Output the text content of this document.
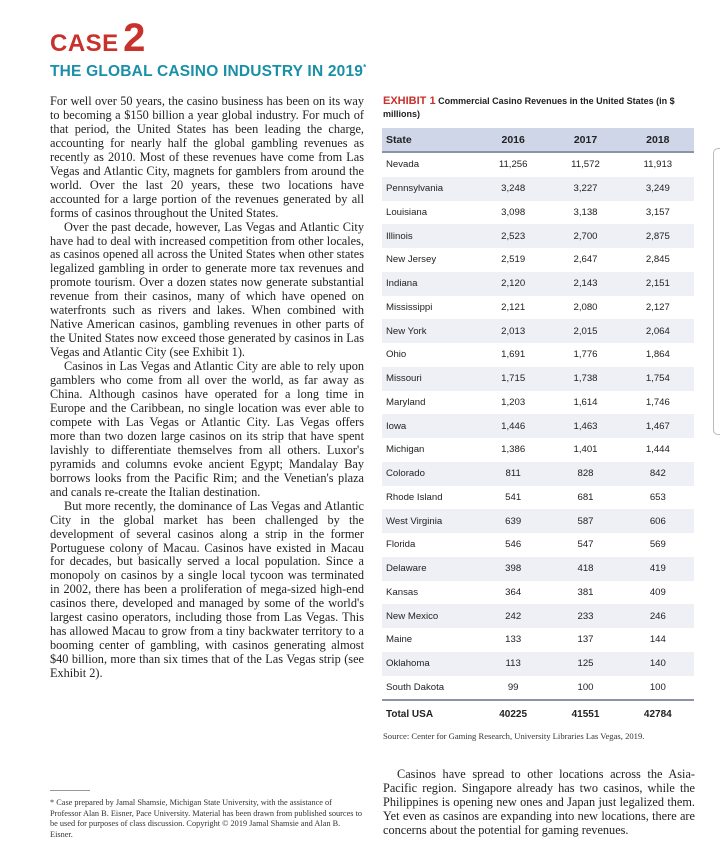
CASE 2
THE GLOBAL CASINO INDUSTRY IN 2019*

For well over 50 years, the casino business has been on its way to becoming a $150 billion a year global industry. For much of that period, the United States has been leading the charge, accounting for nearly half the global gambling revenues as recently as 2010. Most of these revenues have come from Las Vegas and Atlantic City, magnets for gamblers from around the world. Over the last 20 years, these two locations have accounted for a large portion of the revenues generated by all forms of casinos throughout the United States.

Over the past decade, however, Las Vegas and Atlantic City have had to deal with increased competition from other locales, as casinos opened all across the United States when other states legalized gambling in order to generate more tax revenues and promote tourism. Over a dozen states now generate substantial revenue from their casinos, many of which have opened on waterfronts such as rivers and lakes. When combined with Native American casinos, gambling revenues in other parts of the United States now exceed those generated by casinos in Las Vegas and Atlantic City (see Exhibit 1).

Casinos in Las Vegas and Atlantic City are able to rely upon gamblers who come from all over the world, as far away as China. Although casinos have operated for a long time in Europe and the Caribbean, no single location was ever able to compete with Las Vegas or Atlantic City. Las Vegas offers more than two dozen large casinos on its strip that have spent lavishly to differentiate themselves from all others. Luxor's pyramids and columns evoke ancient Egypt; Mandalay Bay borrows looks from the Pacific Rim; and the Venetian's plaza and canals re-create the Italian destination.

But more recently, the dominance of Las Vegas and Atlantic City in the global market has been challenged by the development of several casinos along a strip in the former Portuguese colony of Macau. Casinos have existed in Macau for decades, but basically served a local population. Since a monopoly on casinos by a single local tycoon was terminated in 2002, there has been a proliferation of mega-sized high-end casinos there, developed and managed by some of the world's largest casino operators, including those from Las Vegas. This has allowed Macau to grow from a tiny backwater territory to a booming center of gambling, with casinos generating almost $40 billion, more than six times that of the Las Vegas strip (see Exhibit 2).

* Case prepared by Jamal Shamsie, Michigan State University, with the assistance of Professor Alan B. Eisner, Pace University. Material has been drawn from published sources to be used for purposes of class discussion. Copyright © 2019 Jamal Shamsie and Alan B. Eisner.
EXHIBIT 1 Commercial Casino Revenues in the United States (in $ millions)
State	2016	2017	2018
Nevada	11,256	11,572	11,913
Pennsylvania	3,248	3,227	3,249
Louisiana	3,098	3,138	3,157
Illinois	2,523	2,700	2,875
New Jersey	2,519	2,647	2,845
Indiana	2,120	2,143	2,151
Mississippi	2,121	2,080	2,127
New York	2,013	2,015	2,064
Ohio	1,691	1,776	1,864
Missouri	1,715	1,738	1,754
Maryland	1,203	1,614	1,746
Iowa	1,446	1,463	1,467
Michigan	1,386	1,401	1,444
Colorado	811	828	842
Rhode Island	541	681	653
West Virginia	639	587	606
Florida	546	547	569
Delaware	398	418	419
Kansas	364	381	409
New Mexico	242	233	246
Maine	133	137	144
Oklahoma	113	125	140
South Dakota	99	100	100
Total USA	40225	41551	42784
Source: Center for Gaming Research, University Libraries Las Vegas, 2019.
Casinos have spread to other locations across the Asia-Pacific region. Singapore already has two casinos, while the Philippines is opening new ones and Japan just legalized them. Yet even as casinos are expanding into new locations, there are concerns about the potential for gaming revenues.
